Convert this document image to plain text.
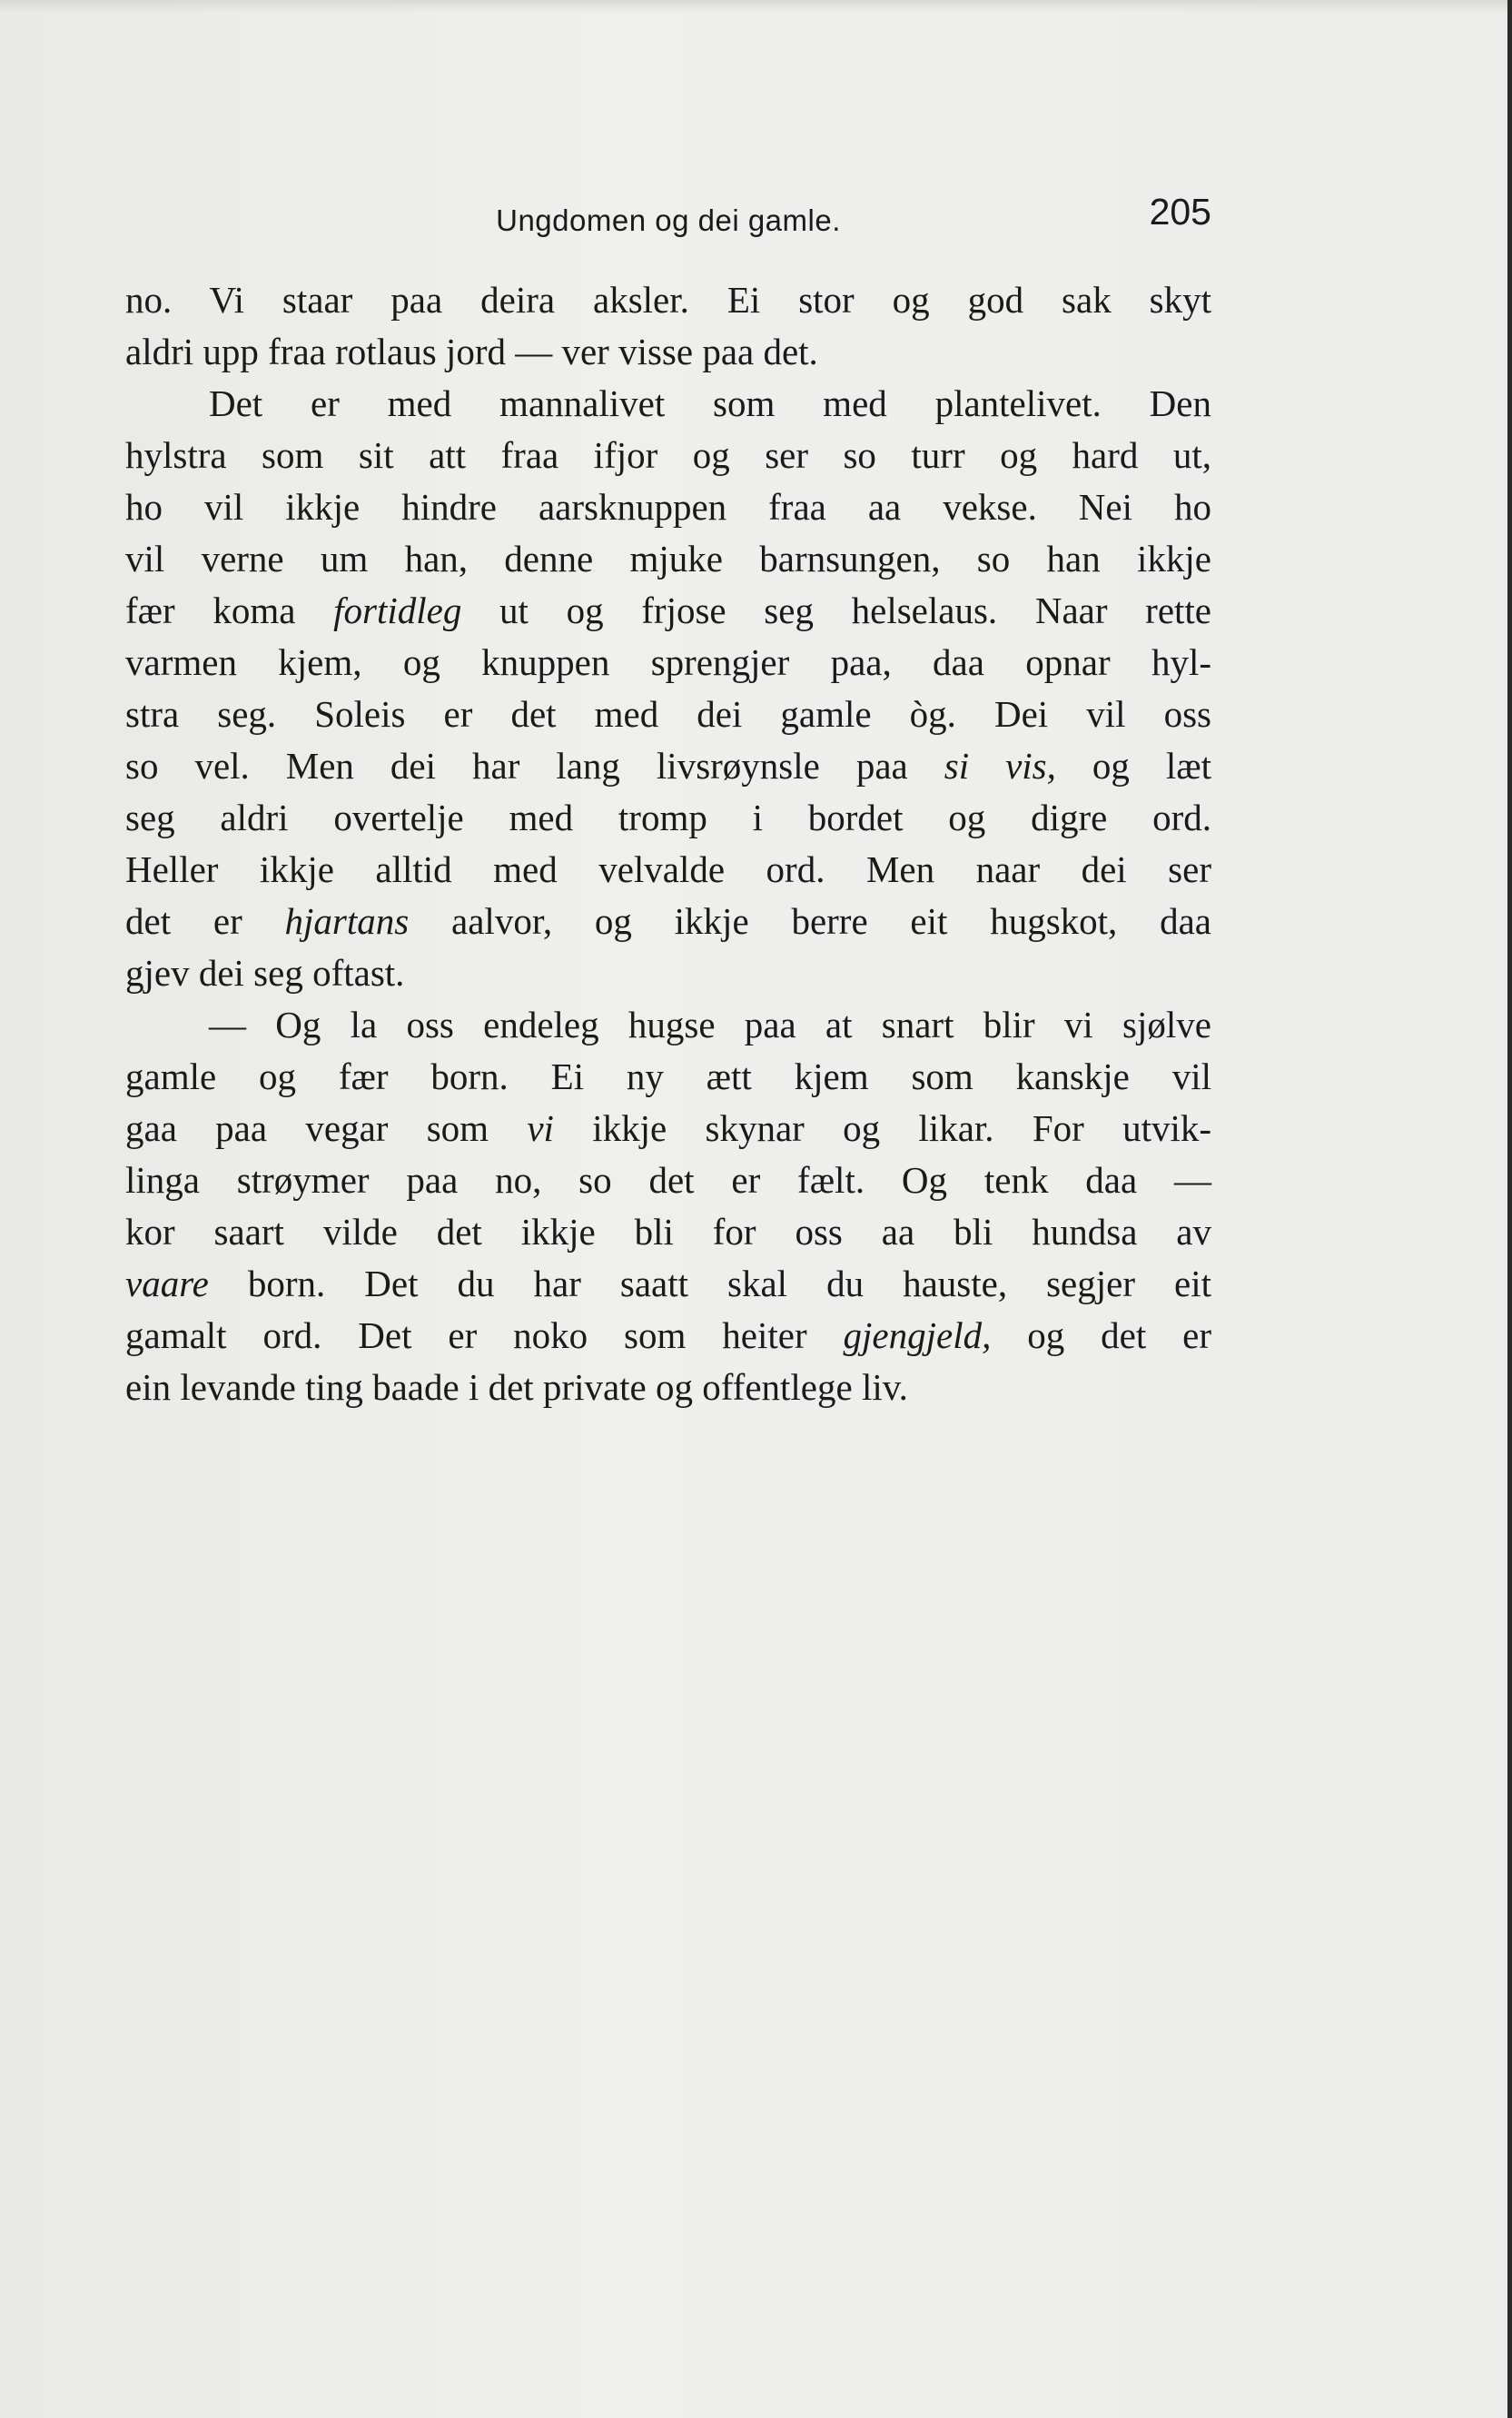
Ungdomen og dei gamle.	205
no. Vi staar paa deira aksler. Ei stor og god sak skyt
aldri upp fraa rotlaus jord — ver visse paa det.
Det er med mannalivet som med plantelivet. Den
hylstra som sit att fraa ifjor og ser so turr og hard ut,
ho vil ikkje hindre aarsknuppen fraa aa vekse. Nei ho
vil verne um han, denne mjuke barnsungen, so han ikkje
fær koma fortidleg ut og frjose seg helselaus. Naar rette
varmen kjem, og knuppen sprengjer paa, daa opnar hyl-
stra seg. Soleis er det med dei gamle òg. Dei vil oss
so vel. Men dei har lang livsrøynsle paa si vis, og læt
seg aldri overtelje med tromp i bordet og digre ord.
Heller ikkje alltid med velvalde ord. Men naar dei ser
det er hjartans aalvor, og ikkje berre eit hugskot, daa
gjev dei seg oftast.
— Og la oss endeleg hugse paa at snart blir vi sjølve
gamle og fær born. Ei ny ætt kjem som kanskje vil
gaa paa vegar som vi ikkje skynar og likar. For utvik-
linga strøymer paa no, so det er fælt. Og tenk daa —
kor saart vilde det ikkje bli for oss aa bli hundsa av
vaare born. Det du har saatt skal du hauste, segjer eit
gamalt ord. Det er noko som heiter gjengjeld, og det er
ein levande ting baade i det private og offentlege liv.
